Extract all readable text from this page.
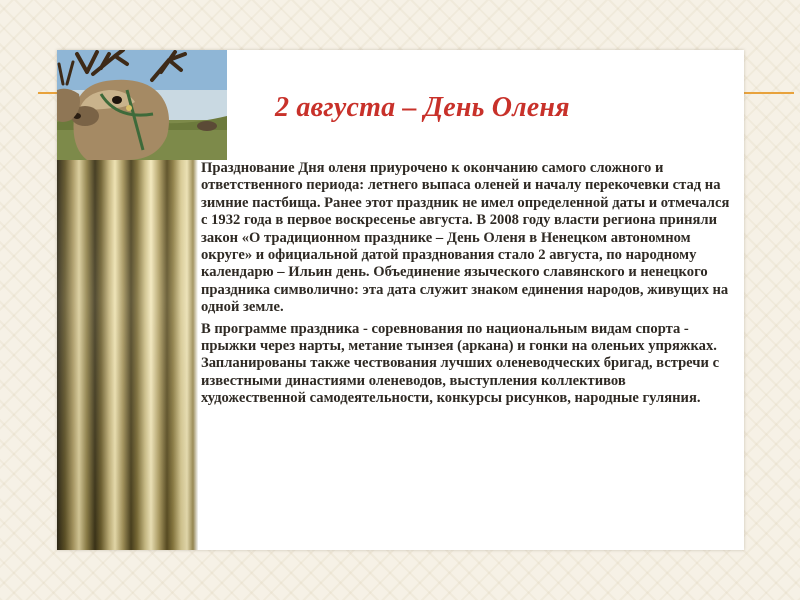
2 августа – День Оленя

Празднование Дня оленя приурочено к окончанию самого сложного и ответственного периода: летнего выпаса оленей и началу перекочевки стад на зимние пастбища. Ранее этот праздник не имел определенной даты и отмечался с 1932 года в первое воскресенье августа. В 2008 году власти региона приняли закон «О традиционном празднике – День Оленя в Ненецком автономном округе» и официальной датой празднования стало 2 августа, по народному календарю – Ильин день. Объединение языческого славянского и ненецкого праздника символично: эта дата служит знаком единения народов, живущих на одной земле.

В программе праздника - соревнования по национальным видам спорта - прыжки через нарты, метание тынзея (аркана) и гонки на оленьих упряжках. Запланированы также чествования лучших оленеводческих бригад, встречи с известными династиями оленеводов, выступления коллективов художественной самодеятельности, конкурсы рисунков, народные гуляния.
